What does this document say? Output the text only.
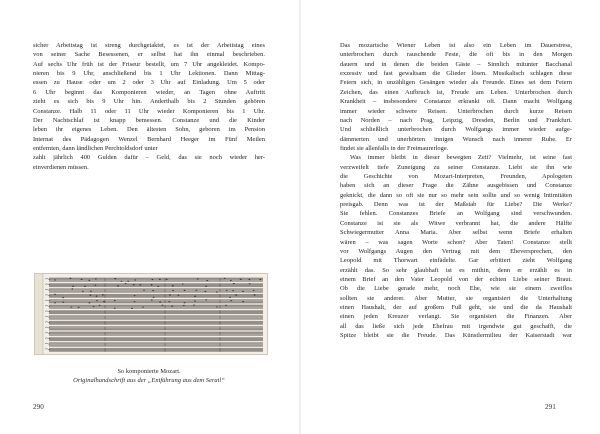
sicher Arbeitstag ist streng durchgetaktet, es ist der Arbeitstag eines
von seiner Sache Besessenen, er selbst hat ihn einmal beschrieben.
Auf sechs Uhr früh ist der Friseur bestellt, um 7 Uhr angekleidet. Kompo-
nieren bis 9 Uhr, anschließend bis 1 Uhr Lektionen. Dann Mittag-
essen zu Hause oder um 2 oder 3 Uhr auf Einladung. Um 5 oder
6 Uhr beginnt das Komponieren wieder, an Tagen ohne Auftritt
zieht es sich bis 9 Uhr hin. Anderthalb bis 2 Stunden gehören
Constanze. Halb 11 oder 11 Uhr wieder Komponieren bis 1 Uhr.
Der Nachtschlaf ist knapp bemessen. Constanze und die Kinder
leben ihr eigenes Leben. Den ältesten Sohn, geboren im Pension
Internat des Pädagogen Wenzel Bernhard Heeger im Fünf Meilen
entfernten, dann ländlichen Perchtoldsdorf unter
zahlt jährlich 400 Gulden dafür – Geld, das sie noch wieder her-
einverdienen müssen.
So komponierte Mozart.
Originalhandschrift aus der „Entführung aus dem Serail“
290	291
Das mozartsche Wiener Leben ist also ein Leben im Dauerstress,
unterbrochen durch rauschende Feste, die oft bis in den Morgen
dauern und in denen die beiden Gäste – Sinnlich mitunter Bacchanal
exzessiv und fast gewaltsam die Glieder lösen. Musikalisch schlagen diese
Feiern sich, in unzähligen Gesängen wieder als Freunde. Eines sei dem Feiern
Zeichen, das einen Aufbruch ist, Freude am Leben. Unterbrochen durch
Krankheit – insbesondere Constanze erkrankt oft. Dann macht Wolfgang
immer wieder schwere Reisen. Unterbrochen durch kurze Reisen
nach Norden – nach Prag, Leipzig, Dresden, Berlin und Frankfurt.
Und schließlich unterbrochen durch Wolfgangs immer wieder aufge-
dämmerten und unerhörten innigen Wunsch nach innerer Ruhe. Er
findet sie allenfalls in der Freimaurerloge.
Was immer bleibt in dieser bewegten Zeit? Vielmehr, ist seine fast
verzweifelt tiefe Zuneigung zu seiner Constanze. Liebt sie ihn wie
die Geschichte von Mozart-Interpreten, Freunden, Apologeten
haben sich an dieser Frage die Zähne ausgebissen und Constanze
geknickt, die dann so oft sie nur so mehr sein sollte und so wenig Intimitäten
preisgab. Denn was ist der Maßstab für Liebe? Die Werke?
Sie fehlen. Constanzes Briefe an Wolfgang sind verschwunden.
Constanze ist sie als Witwe verbrannt hat, die andere Hälfte
Schwiegermutter Anna Maria. Aber selbst wenn Briefe erhalten
wären – was sagen Worte schon? Aber Taten! Constanze stellt
vor Wolfgangs Augen den Vertrag mit dem Eheversprechen, den
Leopold mit Thorwart einfädelte. Gar erbittert zieht Wolfgang
erzählt das. So sehr glaubhaft ist es mithin, denn er erzählt es in
einem Brief an den Vater Leopold von der echten Liebe seiner Braut.
Ob die Liebe gerade mehr, noch Ehe, wie sie einem zweiflos
sollten sie anderer. Aber Mutter, sie organisiert die Unterhaltung
einen Haushalt, der auf großem Fuß geht, sie und die da Haushalt
einen jeden Kreuzer verlangt. Sie organisiert die Finanzen. Aber
all das ließe sich jede Ehefrau mit irgendwie gut geschafft, die
Spitze bleibt sie die Freude. Das Künstlermilieu der Kaiserstadt war
